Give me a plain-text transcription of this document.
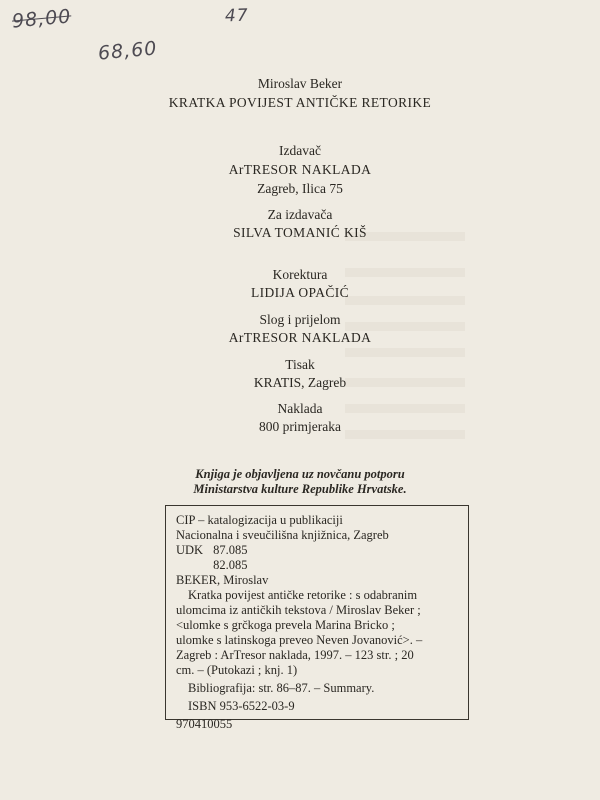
98,00	47
68,60
Miroslav Beker
KRATKA POVIJEST ANTIČKE RETORIKE
Izdavač
ArTRESOR NAKLADA
Zagreb, Ilica 75
Za izdavača
SILVA TOMANIĆ KIŠ
Korektura
LIDIJA OPAČIĆ
Slog i prijelom
ArTRESOR NAKLADA
Tisak
KRATIS, Zagreb
Naklada
800 primjeraka
Knjiga je objavljena uz novčanu potporu
Ministarstva kulture Republike Hrvatske.
CIP – katalogizacija u publikaciji
Nacionalna i sveučilišna knjižnica, Zagreb
UDK 87.085
82.085
BEKER, Miroslav
Kratka povijest antičke retorike : s odabranim
ulomcima iz antičkih tekstova / Miroslav Beker ;
<ulomke s grčkoga prevela Marina Bricko ;
ulomke s latinskoga preveo Neven Jovanović>. –
Zagreb : ArTresor naklada, 1997. – 123 str. ; 20
cm. – (Putokazi ; knj. 1)
Bibliografija: str. 86–87. – Summary.
ISBN 953-6522-03-9
970410055
